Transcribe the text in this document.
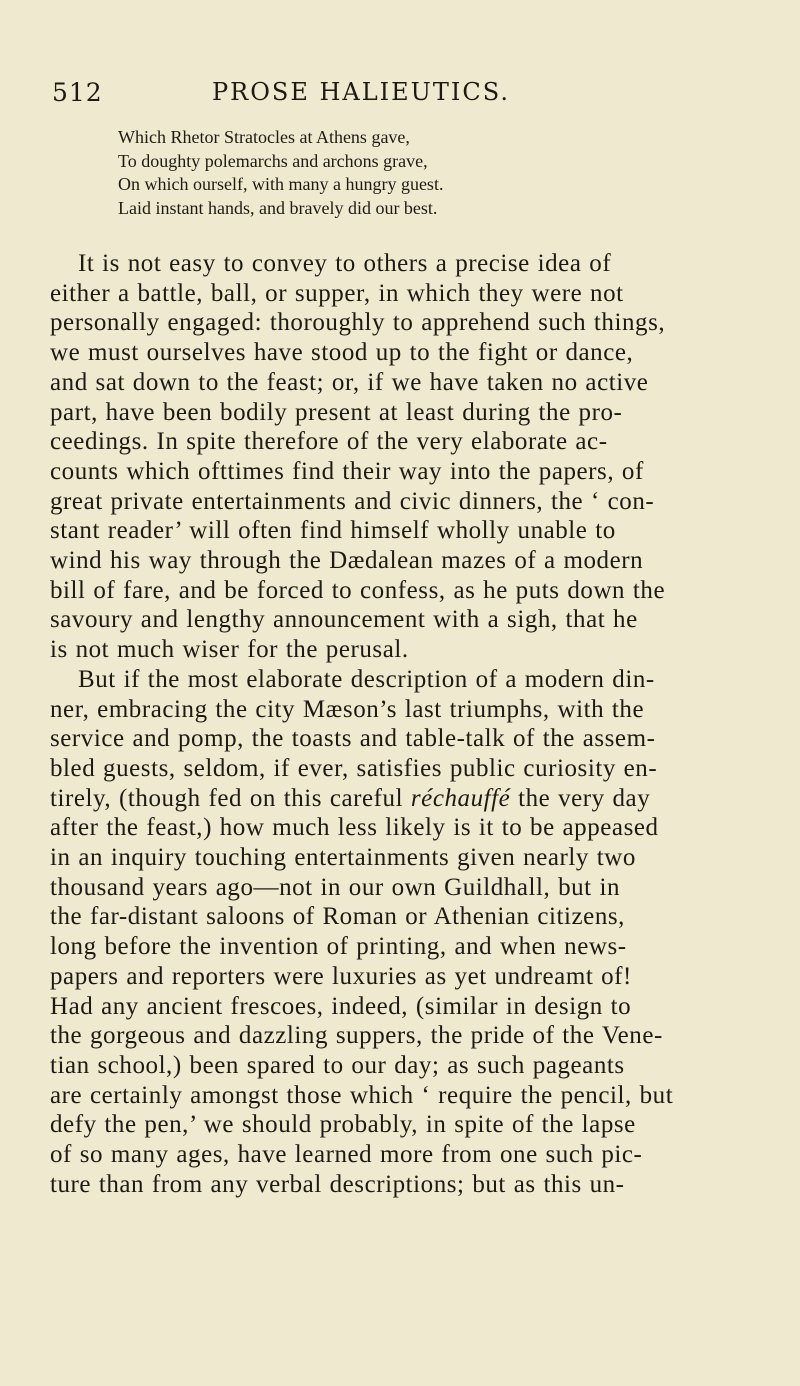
512	PROSE HALIEUTICS.
Which Rhetor Stratocles at Athens gave,
To doughty polemarchs and archons grave,
On which ourself, with many a hungry guest.
Laid instant hands, and bravely did our best.
It is not easy to convey to others a precise idea of
either a battle, ball, or supper, in which they were not
personally engaged: thoroughly to apprehend such things,
we must ourselves have stood up to the fight or dance,
and sat down to the feast; or, if we have taken no active
part, have been bodily present at least during the pro-
ceedings. In spite therefore of the very elaborate ac-
counts which ofttimes find their way into the papers, of
great private entertainments and civic dinners, the ‘ con-
stant reader’ will often find himself wholly unable to
wind his way through the Dædalean mazes of a modern
bill of fare, and be forced to confess, as he puts down the
savoury and lengthy announcement with a sigh, that he
is not much wiser for the perusal.
But if the most elaborate description of a modern din-
ner, embracing the city Mæson’s last triumphs, with the
service and pomp, the toasts and table-talk of the assem-
bled guests, seldom, if ever, satisfies public curiosity en-
tirely, (though fed on this careful réchauffé the very day
after the feast,) how much less likely is it to be appeased
in an inquiry touching entertainments given nearly two
thousand years ago—not in our own Guildhall, but in
the far-distant saloons of Roman or Athenian citizens,
long before the invention of printing, and when news-
papers and reporters were luxuries as yet undreamt of!
Had any ancient frescoes, indeed, (similar in design to
the gorgeous and dazzling suppers, the pride of the Vene-
tian school,) been spared to our day; as such pageants
are certainly amongst those which ‘ require the pencil, but
defy the pen,’ we should probably, in spite of the lapse
of so many ages, have learned more from one such pic-
ture than from any verbal descriptions; but as this un-
